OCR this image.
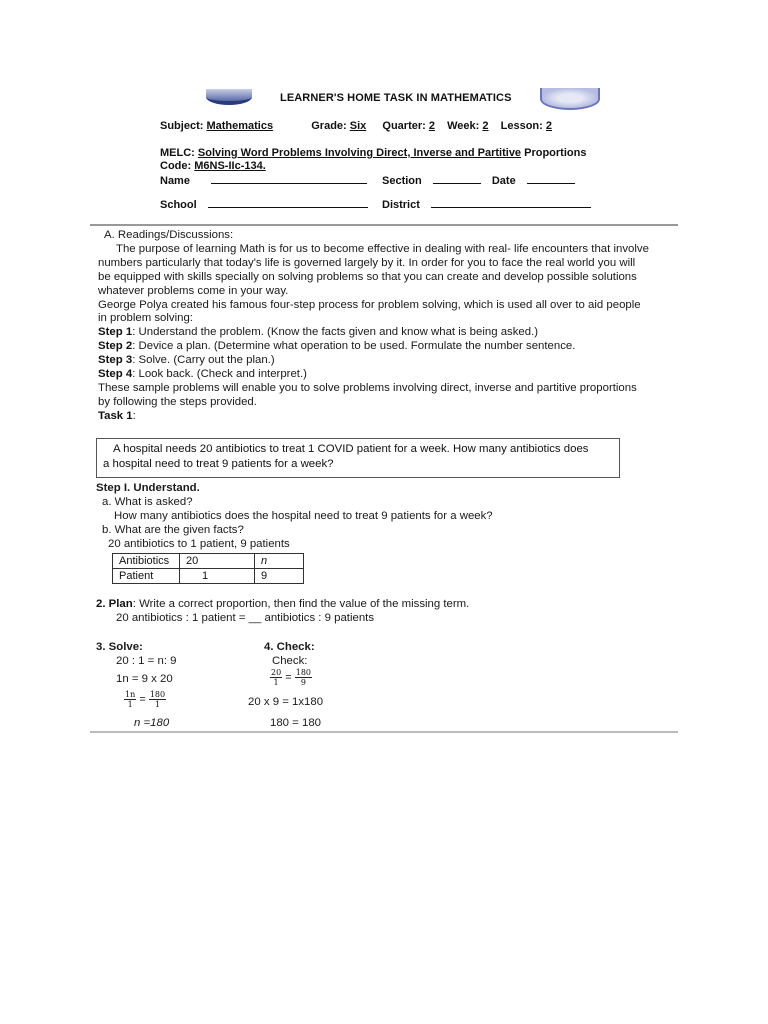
LEARNER'S HOME TASK IN MATHEMATICS
Subject: Mathematics	Grade: Six Quarter: 2 Week: 2 Lesson: 2
MELC: Solving Word Problems Involving Direct, Inverse and Partitive Proportions
Code: M6NS-IIc-134.
Name	Section	Date
School	District
A. Readings/Discussions:
The purpose of learning Math is for us to become effective in dealing with real- life encounters that involve
numbers particularly that today's life is governed largely by it. In order for you to face the real world you will
be equipped with skills specially on solving problems so that you can create and develop possible solutions
whatever problems come in your way.
George Polya created his famous four-step process for problem solving, which is used all over to aid people
in problem solving:
Step 1: Understand the problem. (Know the facts given and know what is being asked.)
Step 2: Device a plan. (Determine what operation to be used. Formulate the number sentence.
Step 3: Solve. (Carry out the plan.)
Step 4: Look back. (Check and interpret.)
These sample problems will enable you to solve problems involving direct, inverse and partitive proportions
by following the steps provided.
Task 1:
A hospital needs 20 antibiotics to treat 1 COVID patient for a week. How many antibiotics does
a hospital need to treat 9 patients for a week?
Step I. Understand.
a. What is asked?
How many antibiotics does the hospital need to treat 9 patients for a week?
b. What are the given facts?
20 antibiotics to 1 patient, 9 patients
Antibiotics	20	n
Patient	1	9
2. Plan: Write a correct proportion, then find the value of the missing term.
20 antibiotics : 1 patient = __ antibiotics : 9 patients
3. Solve:
20 : 1 = n: 9
1n = 9 x 20
$\frac{1n}{1} = \frac{180}{1}$
n =180
4. Check:
Check:
$\frac{20}{1} = \frac{180}{9}$
20 x 9 = 1x180
180 = 180
